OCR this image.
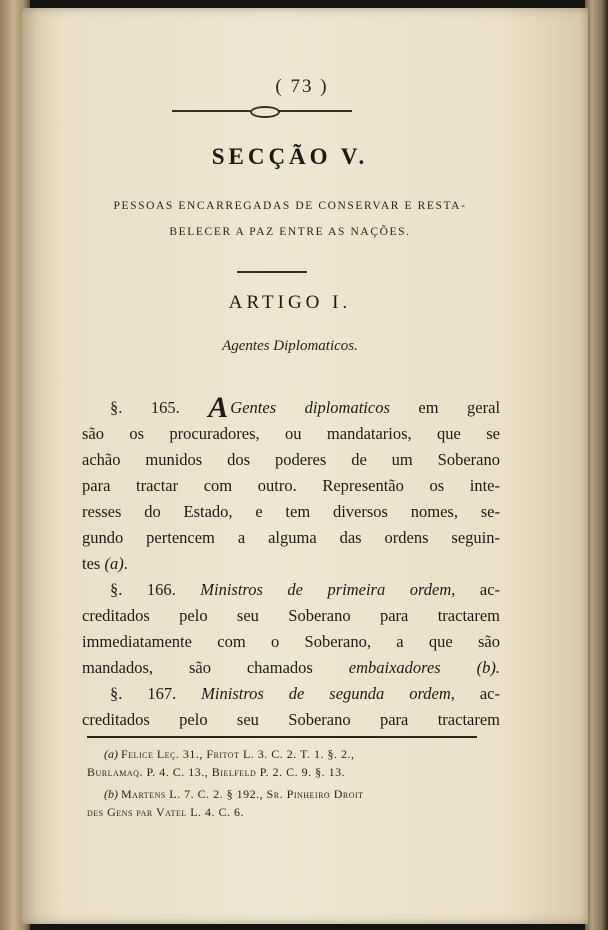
( 73 )
SECÇÃO V.
PESSOAS ENCARREGADAS DE CONSERVAR E RESTA-
BELECER A PAZ ENTRE AS NAÇÕES.
ARTIGO I.
Agentes Diplomaticos.
§. 165. A Gentes diplomaticos em geral
são os procuradores, ou mandatarios, que se
achão munidos dos poderes de um Soberano
para tractar com outro. Representão os inte-
resses do Estado, e tem diversos nomes, se-
gundo pertencem a alguma das ordens seguin-
tes (a).
§. 166. Ministros de primeira ordem, ac-
creditados pelo seu Soberano para tractarem
immediatamente com o Soberano, a que são
mandados, são chamados embaixadores (b).
§. 167. Ministros de segunda ordem, ac-
creditados pelo seu Soberano para tractarem
(a) Felice Leç. 31., Fritot L. 3. C. 2. T. 1. §. 2.,
Burlamaq. P. 4. C. 13., Bielfeld P. 2. C. 9. §. 13.
(b) Martens L. 7. C. 2. § 192., Sr. Pinheiro Droit
des Gens par Vatel L. 4. C. 6.
